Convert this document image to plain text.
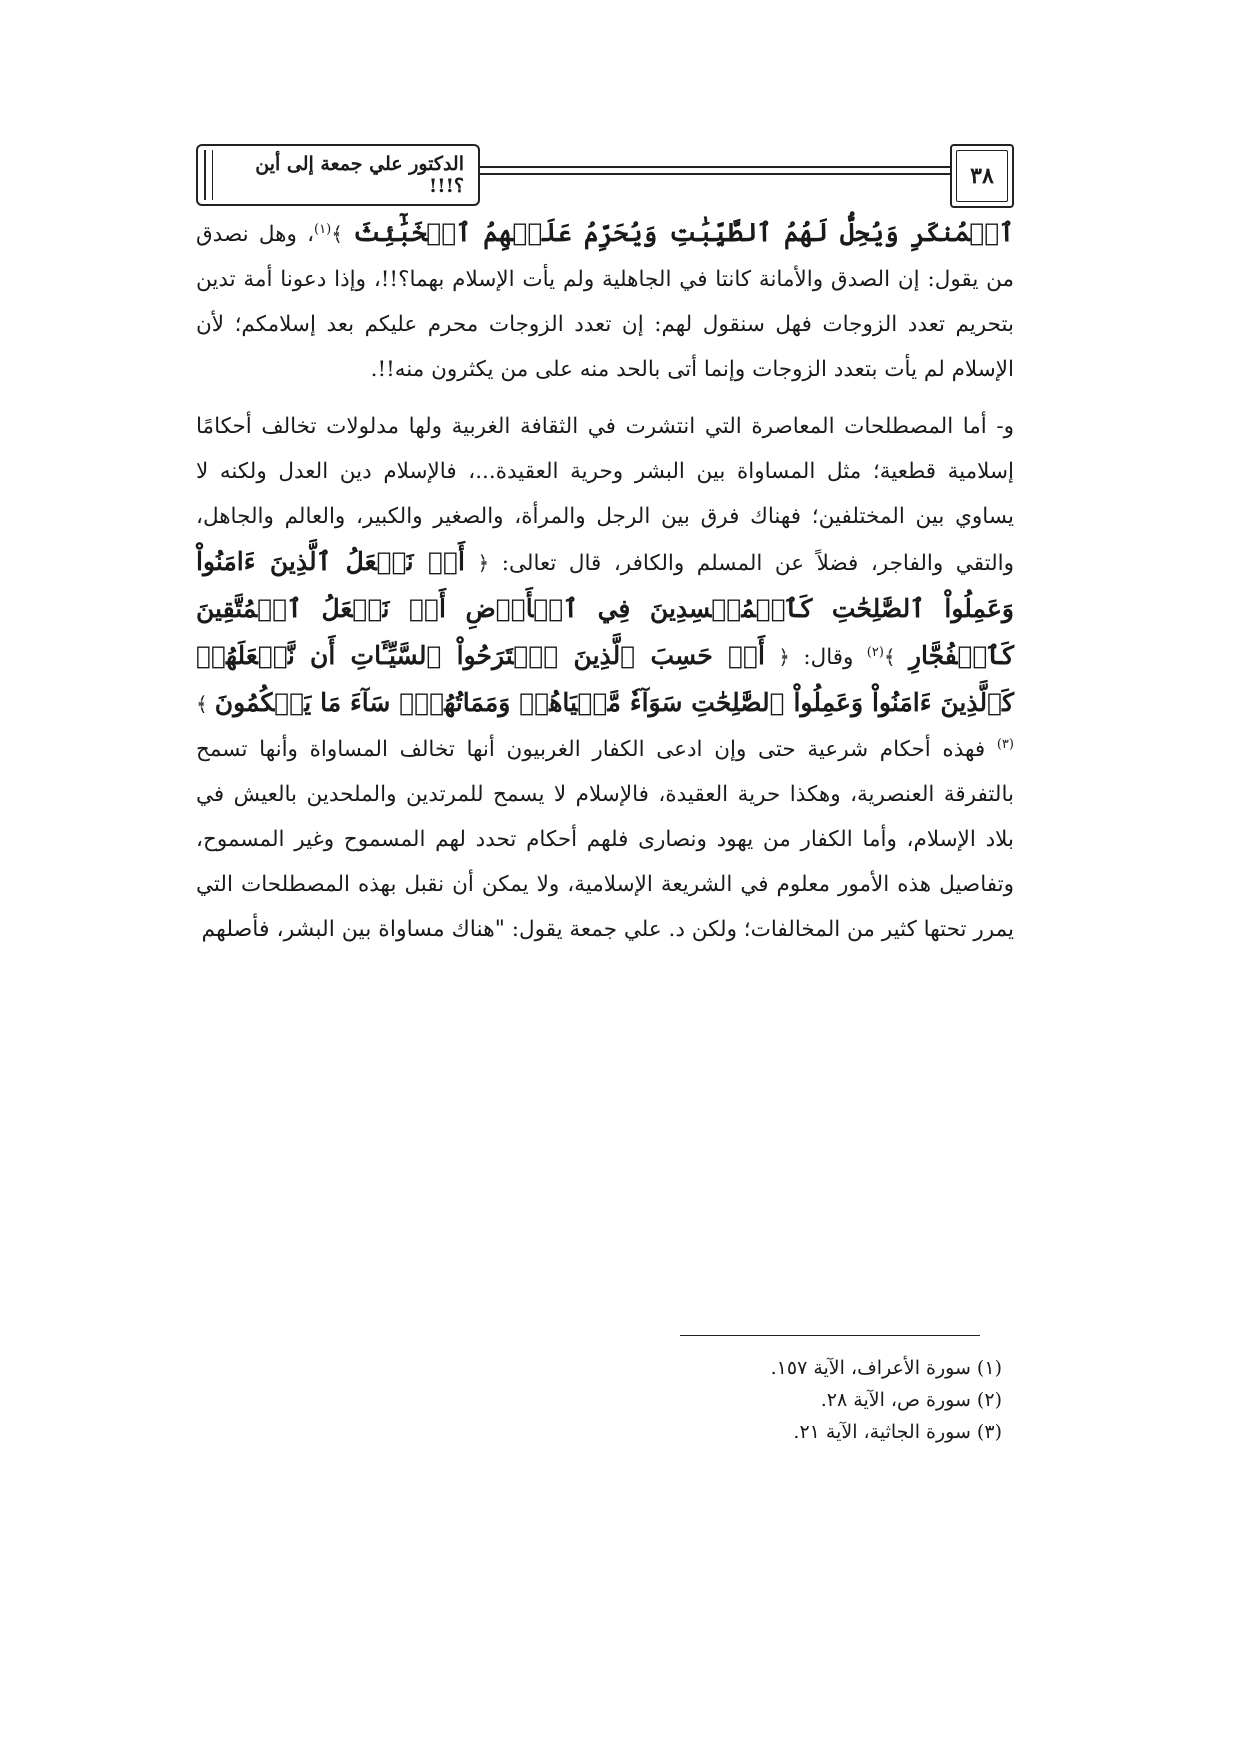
٣٨
الدكتور علي جمعة إلى أين ؟!!!

ٱلۡمُنكَرِ وَيُحِلُّ لَهُمُ ٱلطَّيِّبَٰتِ وَيُحَرِّمُ عَلَيۡهِمُ ٱلۡخَبَٰٓئِثَ ﴾$^{(١)}$، وهل نصدق من يقول: إن الصدق والأمانة كانتا في الجاهلية ولم يأت الإسلام بهما؟!!، وإذا دعونا أمة تدين بتحريم تعدد الزوجات فهل سنقول لهم: إن تعدد الزوجات محرم عليكم بعد إسلامكم؛ لأن الإسلام لم يأت بتعدد الزوجات وإنما أتى بالحد منه على من يكثرون منه!!.

و- أما المصطلحات المعاصرة التي انتشرت في الثقافة الغربية ولها مدلولات تخالف أحكامًا إسلامية قطعية؛ مثل المساواة بين البشر وحرية العقيدة...، فالإسلام دين العدل ولكنه لا يساوي بين المختلفين؛ فهناك فرق بين الرجل والمرأة، والصغير والكبير، والعالم والجاهل، والتقي والفاجر، فضلاً عن المسلم والكافر، قال تعالى: ﴿ أَمۡ نَجۡعَلُ ٱلَّذِينَ ءَامَنُواْ وَعَمِلُواْ ٱلصَّٰلِحَٰتِ كَٱلۡمُفۡسِدِينَ فِي ٱلۡأَرۡضِ أَمۡ نَجۡعَلُ ٱلۡمُتَّقِينَ كَٱلۡفُجَّارِ ﴾$^{(٢)}$ وقال: ﴿ أَمۡ حَسِبَ ٱلَّذِينَ ٱجۡتَرَحُواْ ٱلسَّيِّـَٔاتِ أَن نَّجۡعَلَهُمۡ كَٱلَّذِينَ ءَامَنُواْ وَعَمِلُواْ ٱلصَّٰلِحَٰتِ سَوَآءٗ مَّحۡيَاهُمۡ وَمَمَاتُهُمۡۚ سَآءَ مَا يَحۡكُمُونَ ﴾$^{(٣)}$ فهذه أحكام شرعية حتى وإن ادعى الكفار الغربيون أنها تخالف المساواة وأنها تسمح بالتفرقة العنصرية، وهكذا حرية العقيدة، فالإسلام لا يسمح للمرتدين والملحدين بالعيش في بلاد الإسلام، وأما الكفار من يهود ونصارى فلهم أحكام تحدد لهم المسموح وغير المسموح، وتفاصيل هذه الأمور معلوم في الشريعة الإسلامية، ولا يمكن أن نقبل بهذه المصطلحات التي يمرر تحتها كثير من المخالفات؛ ولكن د. علي جمعة يقول: "هناك مساواة بين البشر، فأصلهم

(١) سورة الأعراف، الآية ١٥٧.

(٢) سورة ص، الآية ٢٨.

(٣) سورة الجاثية، الآية ٢١.
